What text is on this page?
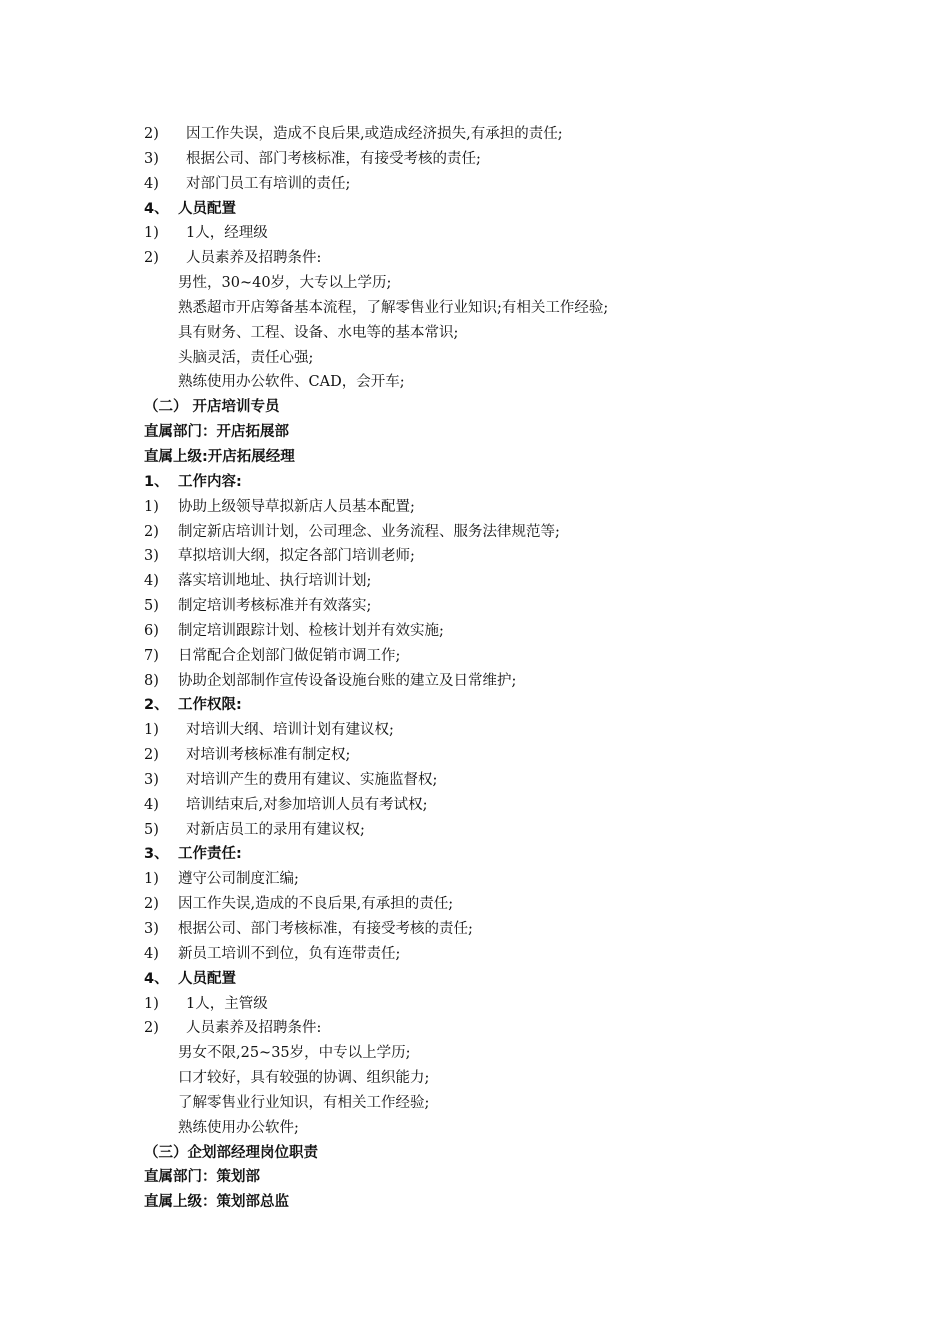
2) 因工作失误，造成不良后果,或造成经济损失,有承担的责任;
3) 根据公司、部门考核标准，有接受考核的责任;
4) 对部门员工有培训的责任;
4、 人员配置
1) 1人，经理级
2) 人员素养及招聘条件:
男性，30~40岁，大专以上学历;
熟悉超市开店筹备基本流程，了解零售业行业知识;有相关工作经验;
具有财务、工程、设备、水电等的基本常识;
头脑灵活，责任心强;
熟练使用办公软件、CAD，会开车;
（二） 开店培训专员
直属部门：开店拓展部
直属上级:开店拓展经理
1、 工作内容:
1) 协助上级领导草拟新店人员基本配置;
2) 制定新店培训计划，公司理念、业务流程、服务法律规范等;
3) 草拟培训大纲，拟定各部门培训老师;
4) 落实培训地址、执行培训计划;
5) 制定培训考核标准并有效落实;
6) 制定培训跟踪计划、检核计划并有效实施;
7) 日常配合企划部门做促销市调工作;
8) 协助企划部制作宣传设备设施台账的建立及日常维护;
2、 工作权限:
1) 对培训大纲、培训计划有建议权;
2) 对培训考核标准有制定权;
3) 对培训产生的费用有建议、实施监督权;
4) 培训结束后,对参加培训人员有考试权;
5) 对新店员工的录用有建议权;
3、 工作责任:
1) 遵守公司制度汇编;
2) 因工作失误,造成的不良后果,有承担的责任;
3) 根据公司、部门考核标准，有接受考核的责任;
4) 新员工培训不到位，负有连带责任;
4、 人员配置
1) 1人，主管级
2) 人员素养及招聘条件:
男女不限,25~35岁，中专以上学历;
口才较好，具有较强的协调、组织能力;
了解零售业行业知识，有相关工作经验;
熟练使用办公软件;
（三）企划部经理岗位职责
直属部门：策划部
直属上级：策划部总监
